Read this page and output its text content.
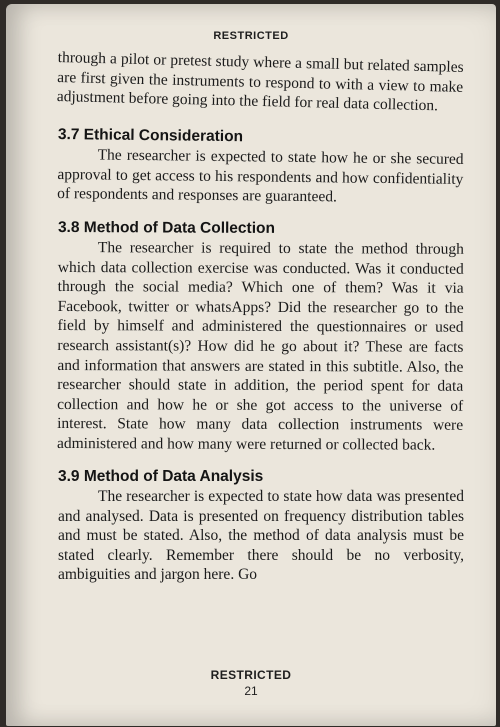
RESTRICTED

through a pilot or pretest study where a small but related samples are first given the instruments to respond to with a view to make adjustment before going into the field for real data collection.

3.7 Ethical Consideration

The researcher is expected to state how he or she secured approval to get access to his respondents and how confidentiality of respondents and responses are guaranteed.

3.8 Method of Data Collection

The researcher is required to state the method through which data collection exercise was conducted. Was it conducted through the social media? Which one of them? Was it via Facebook, twitter or whatsApps? Did the researcher go to the field by himself and administered the questionnaires or used research assistant(s)? How did he go about it? These are facts and information that answers are stated in this subtitle. Also, the researcher should state in addition, the period spent for data collection and how he or she got access to the universe of interest. State how many data collection instruments were administered and how many were returned or collected back.

3.9 Method of Data Analysis

The researcher is expected to state how data was presented and analysed. Data is presented on frequency distribution tables and must be stated. Also, the method of data analysis must be stated clearly. Remember there should be no verbosity, ambiguities and jargon here. Go

RESTRICTED
21
